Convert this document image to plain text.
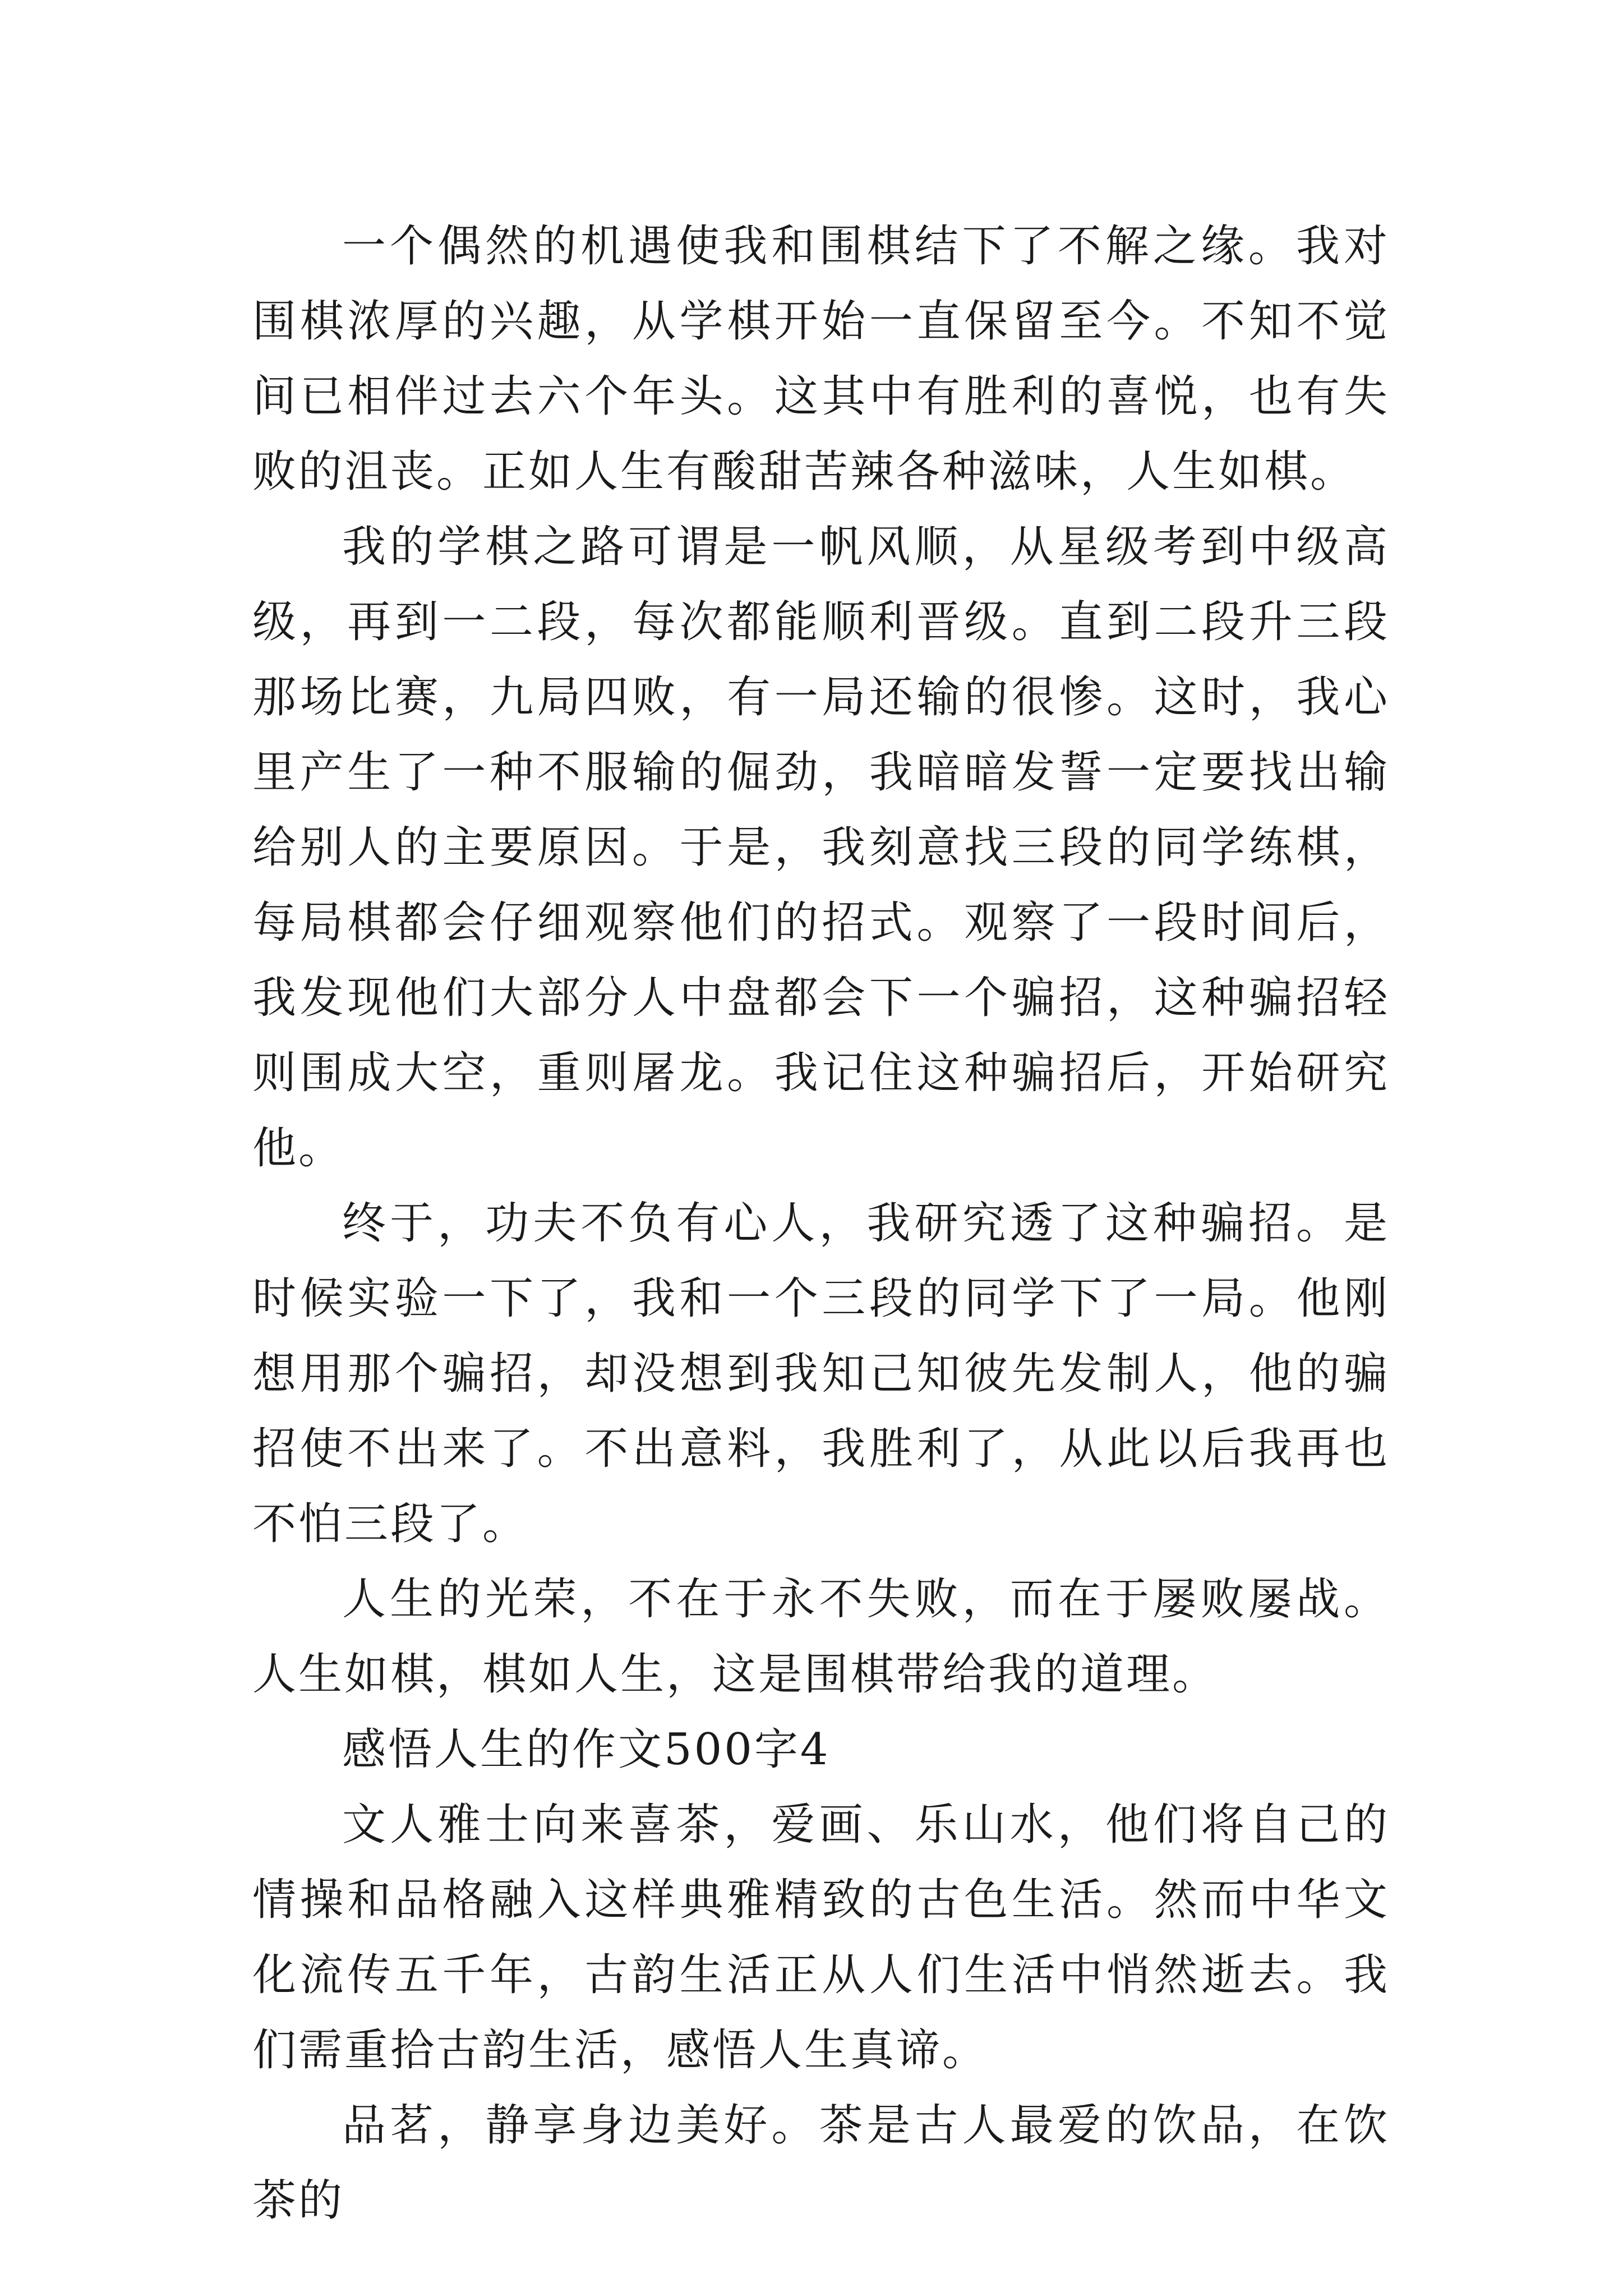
一个偶然的机遇使我和围棋结下了不解之缘。我对围棋浓厚的兴趣，从学棋开始一直保留至今。不知不觉间已相伴过去六个年头。这其中有胜利的喜悦，也有失败的沮丧。正如人生有酸甜苦辣各种滋味，人生如棋。

我的学棋之路可谓是一帆风顺，从星级考到中级高级，再到一二段，每次都能顺利晋级。直到二段升三段那场比赛，九局四败，有一局还输的很惨。这时，我心里产生了一种不服输的倔劲，我暗暗发誓一定要找出输给别人的主要原因。于是，我刻意找三段的同学练棋，每局棋都会仔细观察他们的招式。观察了一段时间后，我发现他们大部分人中盘都会下一个骗招，这种骗招轻则围成大空，重则屠龙。我记住这种骗招后，开始研究他。

终于，功夫不负有心人，我研究透了这种骗招。是时候实验一下了，我和一个三段的同学下了一局。他刚想用那个骗招，却没想到我知己知彼先发制人，他的骗招使不出来了。不出意料，我胜利了，从此以后我再也不怕三段了。

人生的光荣，不在于永不失败，而在于屡败屡战。人生如棋，棋如人生，这是围棋带给我的道理。

感悟人生的作文500字4

文人雅士向来喜茶，爱画、乐山水，他们将自己的情操和品格融入这样典雅精致的古色生活。然而中华文化流传五千年，古韵生活正从人们生活中悄然逝去。我们需重拾古韵生活，感悟人生真谛。

品茗，静享身边美好。茶是古人最爱的饮品，在饮茶的
